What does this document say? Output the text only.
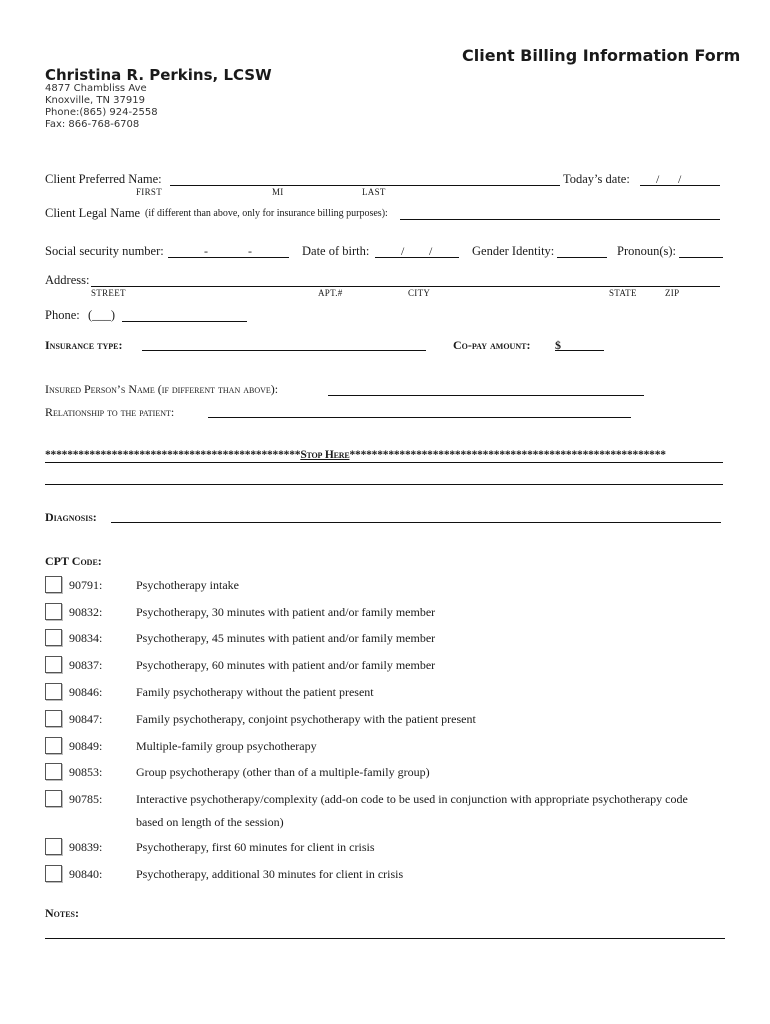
Client Billing Information Form
Christina R. Perkins, LCSW
4877 Chambliss Ave
Knoxville, TN 37919
Phone:(865) 924-2558
Fax: 866-768-6708
Client Preferred Name:	Today’s date: / /
FIRST	MI	LAST
Client Legal Name (if different than above, only for insurance billing purposes):
Social security number:	-	-	Date of birth:	/ /	Gender Identity:	Pronoun(s):
Address:
STREET	APT.#	CITY	STATE	ZIP
Phone: (___)
Insurance type:	Co-pay amount: $
Insured Person’s Name (if different than above):
Relationship to the patient:
**********************************************Stop Here*********************************************************
Diagnosis:
CPT Code:
90791:	Psychotherapy intake
90832:	Psychotherapy, 30 minutes with patient and/or family member
90834:	Psychotherapy, 45 minutes with patient and/or family member
90837:	Psychotherapy, 60 minutes with patient and/or family member
90846:	Family psychotherapy without the patient present
90847:	Family psychotherapy, conjoint psychotherapy with the patient present
90849:	Multiple-family group psychotherapy
90853:	Group psychotherapy (other than of a multiple-family group)
90785:	Interactive psychotherapy/complexity (add-on code to be used in conjunction with appropriate psychotherapy code
based on length of the session)
90839:	Psychotherapy, first 60 minutes for client in crisis
90840:	Psychotherapy, additional 30 minutes for client in crisis
Notes:
